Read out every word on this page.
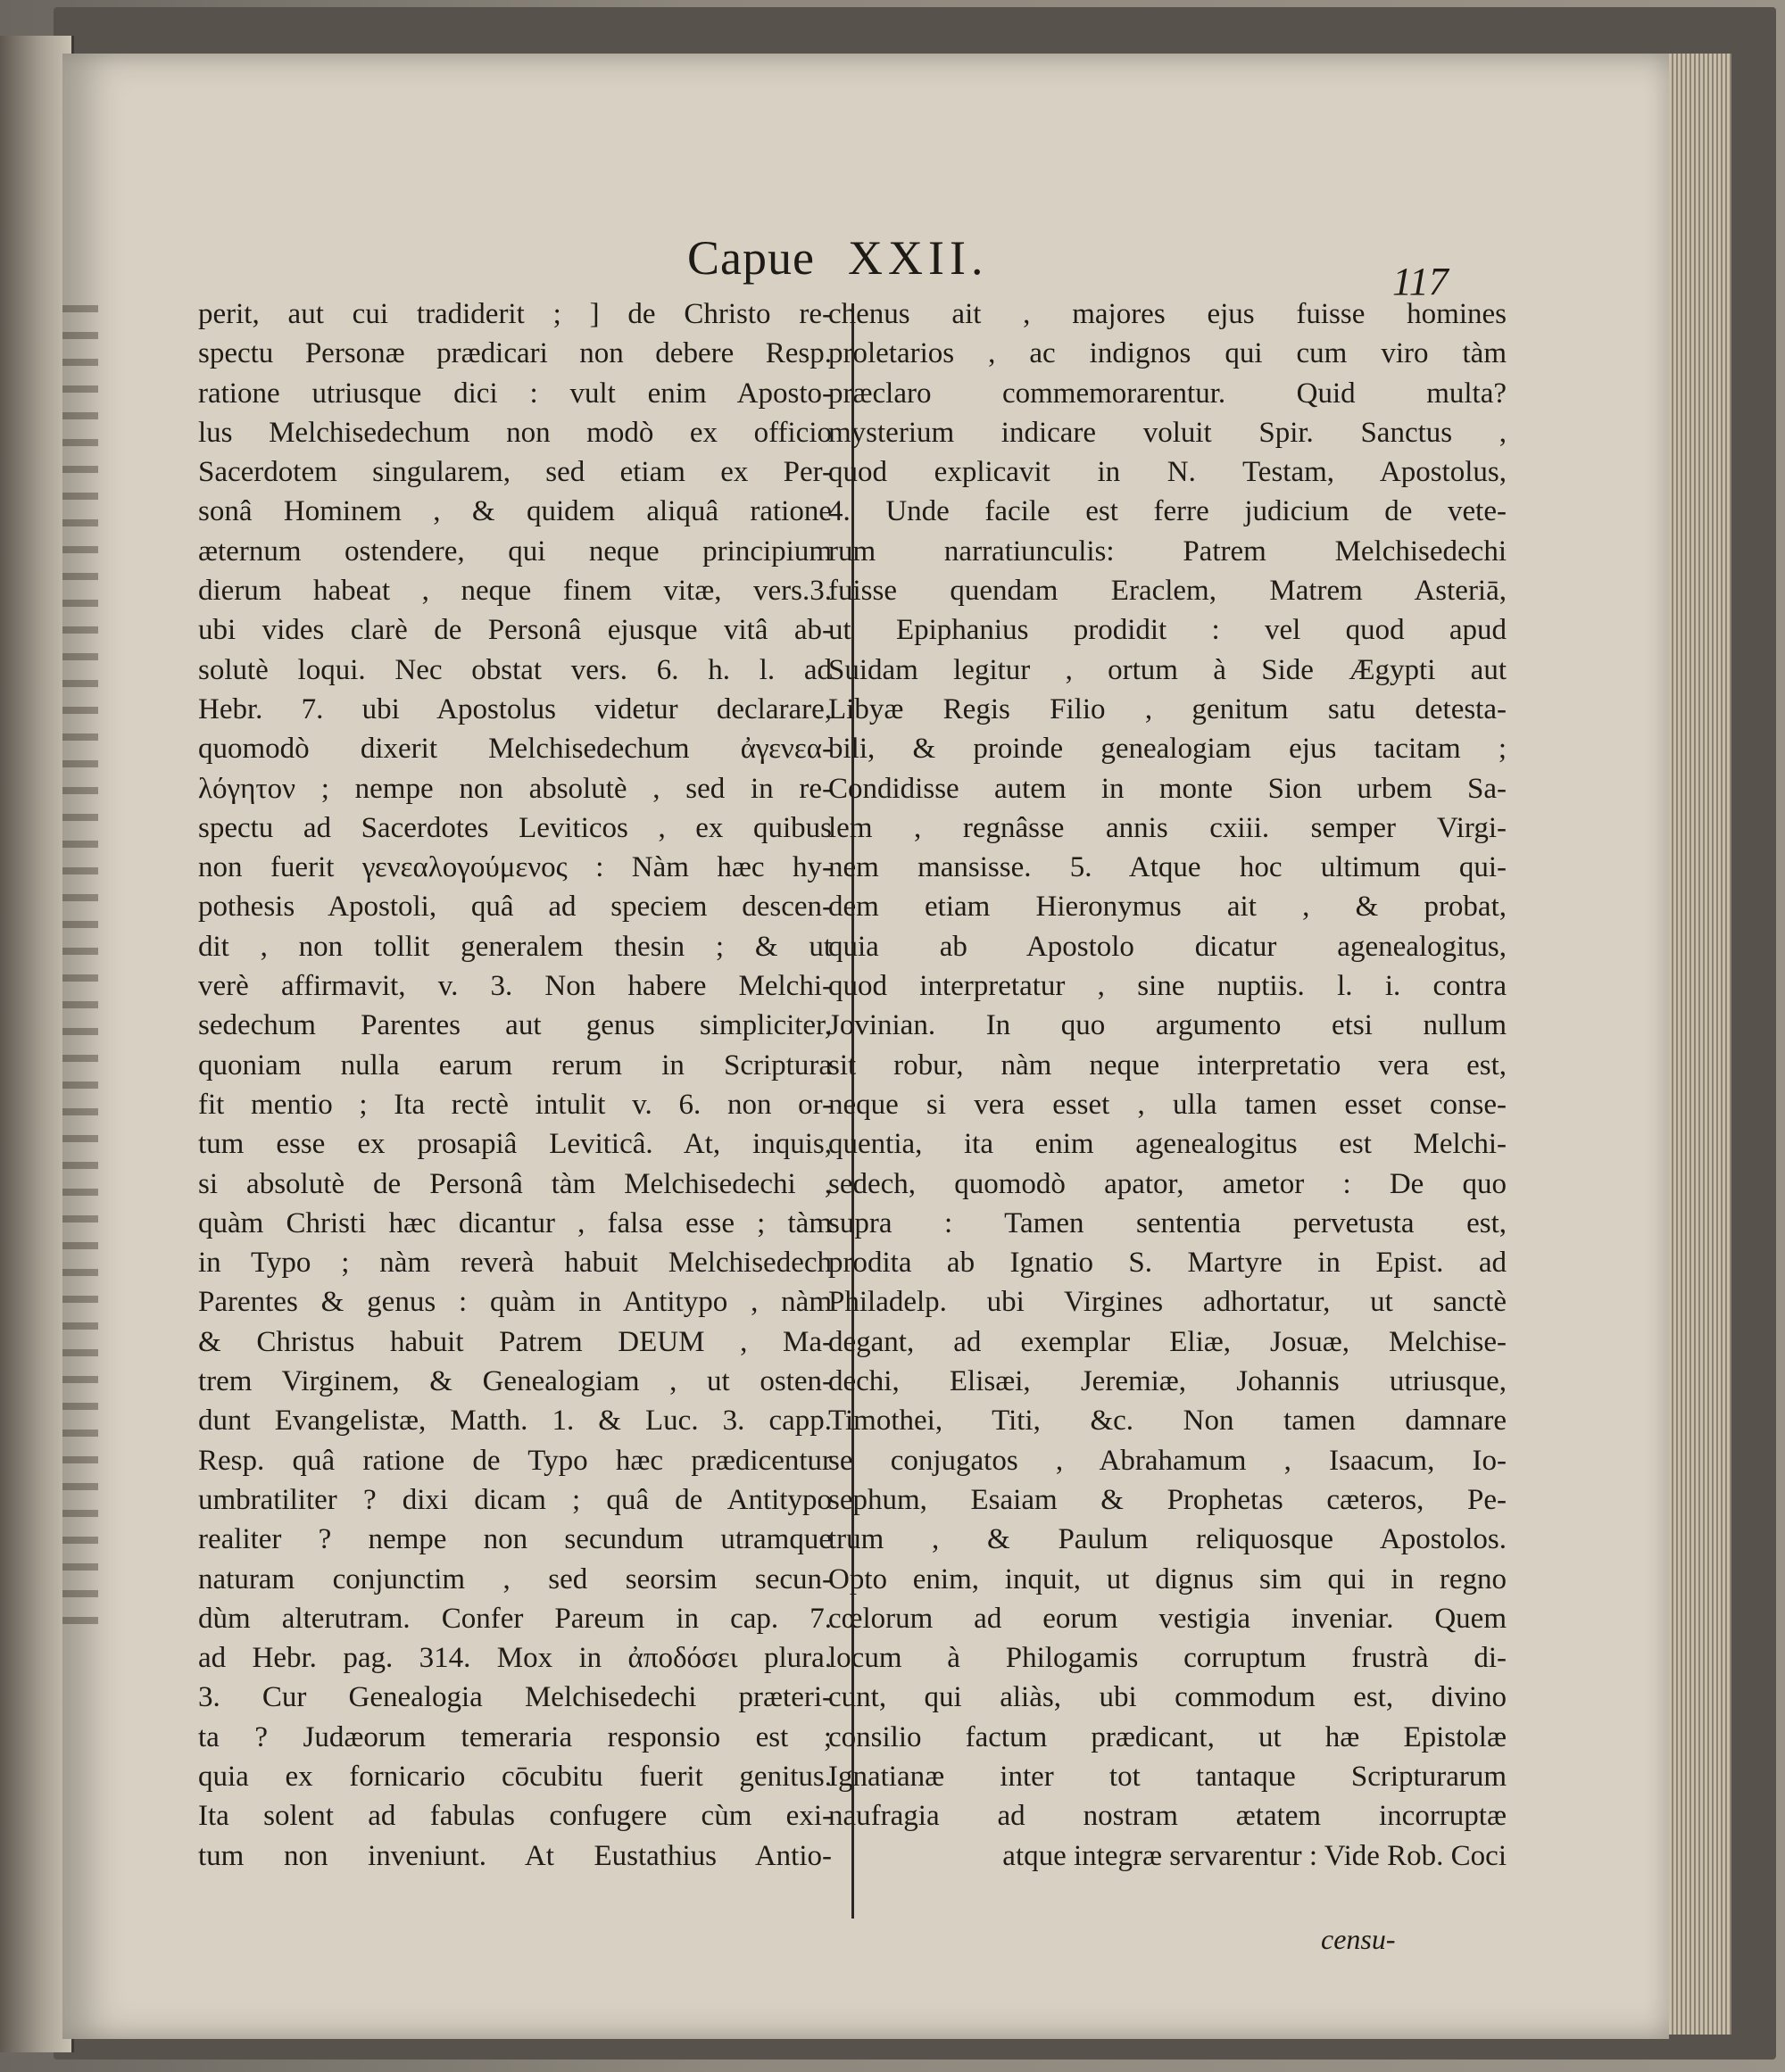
Capue XXII.	117
perit, aut cui tradiderit ; ] de Christo re-
spectu Personæ prædicari non debere Resp.
ratione utriusque dici : vult enim Aposto-
lus Melchisedechum non modò ex officio
Sacerdotem singularem, sed etiam ex Per-
sonâ Hominem , & quidem aliquâ ratione
æternum ostendere, qui neque principium
dierum habeat , neque finem vitæ, vers.3.
ubi vides clarè de Personâ ejusque vitâ ab-
solutè loqui. Nec obstat vers. 6. h. l. ad
Hebr. 7. ubi Apostolus videtur declarare,
quomodò dixerit Melchisedechum ἀγενεα-
λόγητον ; nempe non absolutè , sed in re-
spectu ad Sacerdotes Leviticos , ex quibus
non fuerit γενεαλογούμενος : Nàm hæc hy-
pothesis Apostoli, quâ ad speciem descen-
dit , non tollit generalem thesin ; & ut
verè affirmavit, v. 3. Non habere Melchi-
sedechum Parentes aut genus simpliciter,
quoniam nulla earum rerum in Scriptura
fit mentio ; Ita rectè intulit v. 6. non or-
tum esse ex prosapiâ Leviticâ. At, inquis,
si absolutè de Personâ tàm Melchisedechi ,
quàm Christi hæc dicantur , falsa esse ; tàm
in Typo ; nàm reverà habuit Melchisedech
Parentes & genus : quàm in Antitypo , nàm
& Christus habuit Patrem DEUM , Ma-
trem Virginem, & Genealogiam , ut osten-
dunt Evangelistæ, Matth. 1. & Luc. 3. capp.
Resp. quâ ratione de Typo hæc prædicentur
umbratiliter ? dixi dicam ; quâ de Antitypo
realiter ? nempe non secundum utramque
naturam conjunctim , sed seorsim secun-
dùm alterutram. Confer Pareum in cap. 7.
ad Hebr. pag. 314. Mox in ἀποδόσει plura.
3. Cur Genealogia Melchisedechi præteri-
ta ? Judæorum temeraria responsio est ;
quia ex fornicario cōcubitu fuerit genitus.
Ita solent ad fabulas confugere cùm exi-
tum non inveniunt. At Eustathius Antio-
chenus ait , majores ejus fuisse homines
proletarios , ac indignos qui cum viro tàm
præclaro commemorarentur. Quid multa?
mysterium indicare voluit Spir. Sanctus ,
quod explicavit in N. Testam, Apostolus,
4. Unde facile est ferre judicium de vete-
rum narratiunculis: Patrem Melchisedechi
fuisse quendam Eraclem, Matrem Asteriā,
ut Epiphanius prodidit : vel quod apud
Suidam legitur , ortum à Side Ægypti aut
Libyæ Regis Filio , genitum satu detesta-
bili, & proinde genealogiam ejus tacitam ;
Condidisse autem in monte Sion urbem Sa-
lem , regnâsse annis cxiii. semper Virgi-
nem mansisse. 5. Atque hoc ultimum qui-
dem etiam Hieronymus ait , & probat,
quia ab Apostolo dicatur agenealogitus,
quod interpretatur , sine nuptiis. l. i. contra
Jovinian. In quo argumento etsi nullum
sit robur, nàm neque interpretatio vera est,
neque si vera esset , ulla tamen esset conse-
quentia, ita enim agenealogitus est Melchi-
sedech, quomodò apator, ametor : De quo
supra : Tamen sententia pervetusta est,
prodita ab Ignatio S. Martyre in Epist. ad
Philadelp. ubi Virgines adhortatur, ut sanctè
degant, ad exemplar Eliæ, Josuæ, Melchise-
dechi, Elisæi, Jeremiæ, Johannis utriusque,
Timothei, Titi, &c. Non tamen damnare
se conjugatos , Abrahamum , Isaacum, Io-
sephum, Esaiam & Prophetas cæteros, Pe-
trum , & Paulum reliquosque Apostolos.
Opto enim, inquit, ut dignus sim qui in regno
cœlorum ad eorum vestigia inveniar. Quem
locum à Philogamis corruptum frustrà di-
cunt, qui aliàs, ubi commodum est, divino
consilio factum prædicant, ut hæ Epistolæ
Ignatianæ inter tot tantaque Scripturarum
naufragia ad nostram ætatem incorruptæ
atque integræ servarentur : Vide Rob. Coci
censu-
